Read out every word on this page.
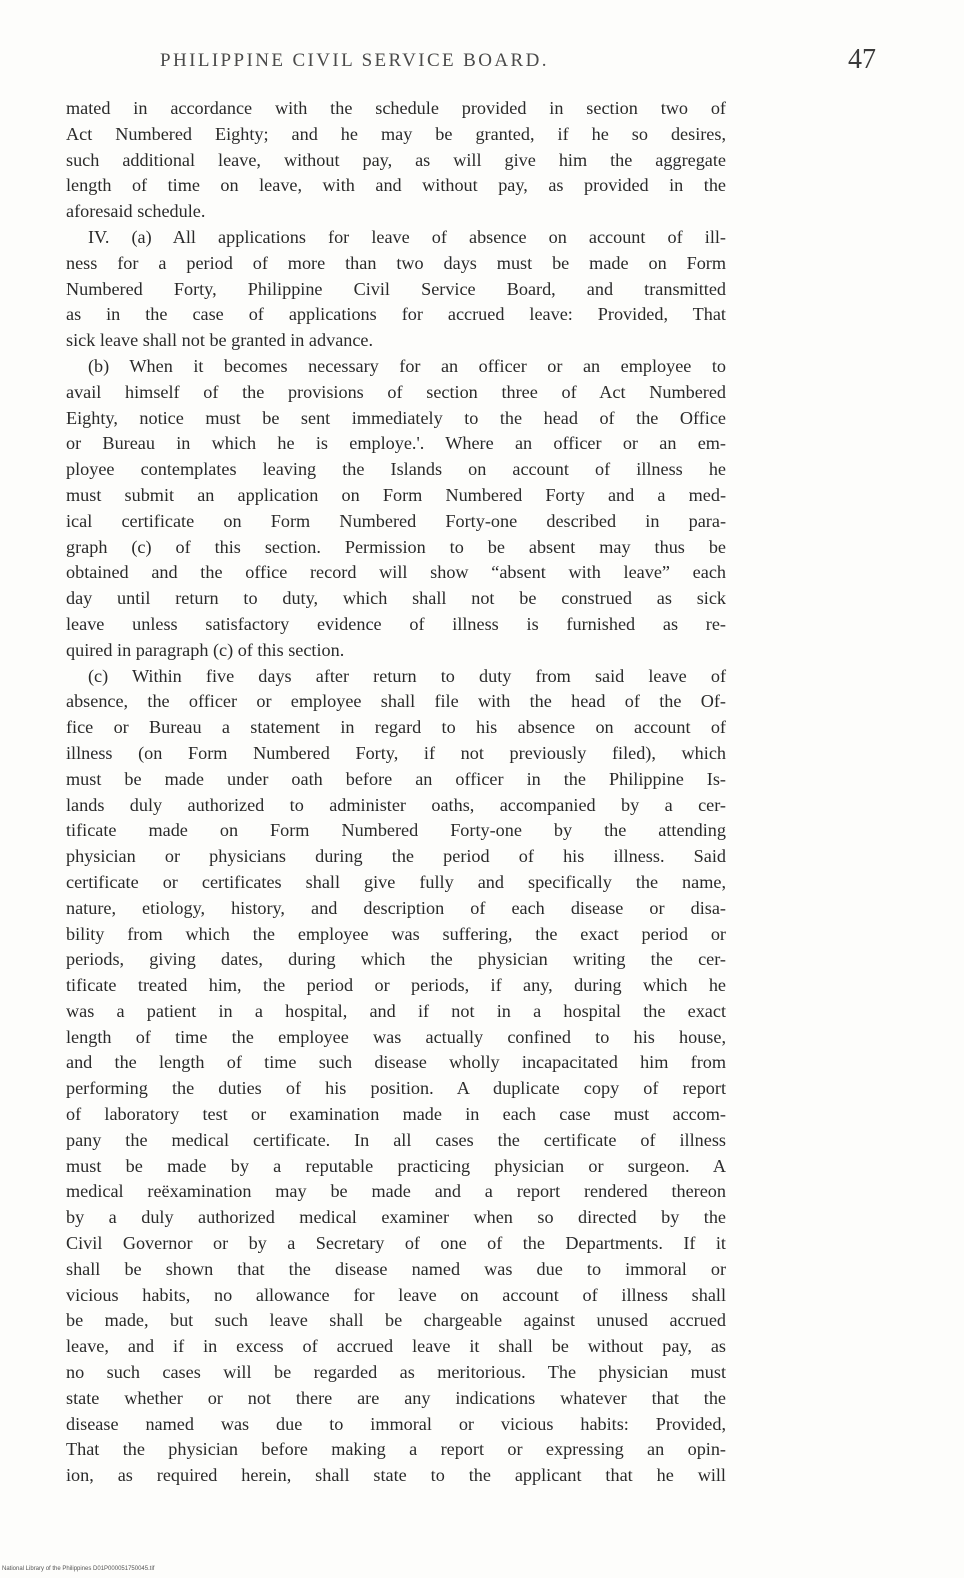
PHILIPPINE CIVIL SERVICE BOARD.	47
mated in accordance with the schedule provided in section two of
Act Numbered Eighty; and he may be granted, if he so desires,
such additional leave, without pay, as will give him the aggregate
length of time on leave, with and without pay, as provided in the
aforesaid schedule.
IV. (a) All applications for leave of absence on account of ill-
ness for a period of more than two days must be made on Form
Numbered Forty, Philippine Civil Service Board, and transmitted
as in the case of applications for accrued leave: Provided, That
sick leave shall not be granted in advance.
(b) When it becomes necessary for an officer or an employee to
avail himself of the provisions of section three of Act Numbered
Eighty, notice must be sent immediately to the head of the Office
or Bureau in which he is employe.'. Where an officer or an em-
ployee contemplates leaving the Islands on account of illness he
must submit an application on Form Numbered Forty and a med-
ical certificate on Form Numbered Forty-one described in para-
graph (c) of this section. Permission to be absent may thus be
obtained and the office record will show “absent with leave” each
day until return to duty, which shall not be construed as sick
leave unless satisfactory evidence of illness is furnished as re-
quired in paragraph (c) of this section.
(c) Within five days after return to duty from said leave of
absence, the officer or employee shall file with the head of the Of-
fice or Bureau a statement in regard to his absence on account of
illness (on Form Numbered Forty, if not previously filed), which
must be made under oath before an officer in the Philippine Is-
lands duly authorized to administer oaths, accompanied by a cer-
tificate made on Form Numbered Forty-one by the attending
physician or physicians during the period of his illness. Said
certificate or certificates shall give fully and specifically the name,
nature, etiology, history, and description of each disease or disa-
bility from which the employee was suffering, the exact period or
periods, giving dates, during which the physician writing the cer-
tificate treated him, the period or periods, if any, during which he
was a patient in a hospital, and if not in a hospital the exact
length of time the employee was actually confined to his house,
and the length of time such disease wholly incapacitated him from
performing the duties of his position. A duplicate copy of report
of laboratory test or examination made in each case must accom-
pany the medical certificate. In all cases the certificate of illness
must be made by a reputable practicing physician or surgeon. A
medical reëxamination may be made and a report rendered thereon
by a duly authorized medical examiner when so directed by the
Civil Governor or by a Secretary of one of the Departments. If it
shall be shown that the disease named was due to immoral or
vicious habits, no allowance for leave on account of illness shall
be made, but such leave shall be chargeable against unused accrued
leave, and if in excess of accrued leave it shall be without pay, as
no such cases will be regarded as meritorious. The physician must
state whether or not there are any indications whatever that the
disease named was due to immoral or vicious habits: Provided,
That the physician before making a report or expressing an opin-
ion, as required herein, shall state to the applicant that he will
National Library of the Philippines D01P000051750045.tif
